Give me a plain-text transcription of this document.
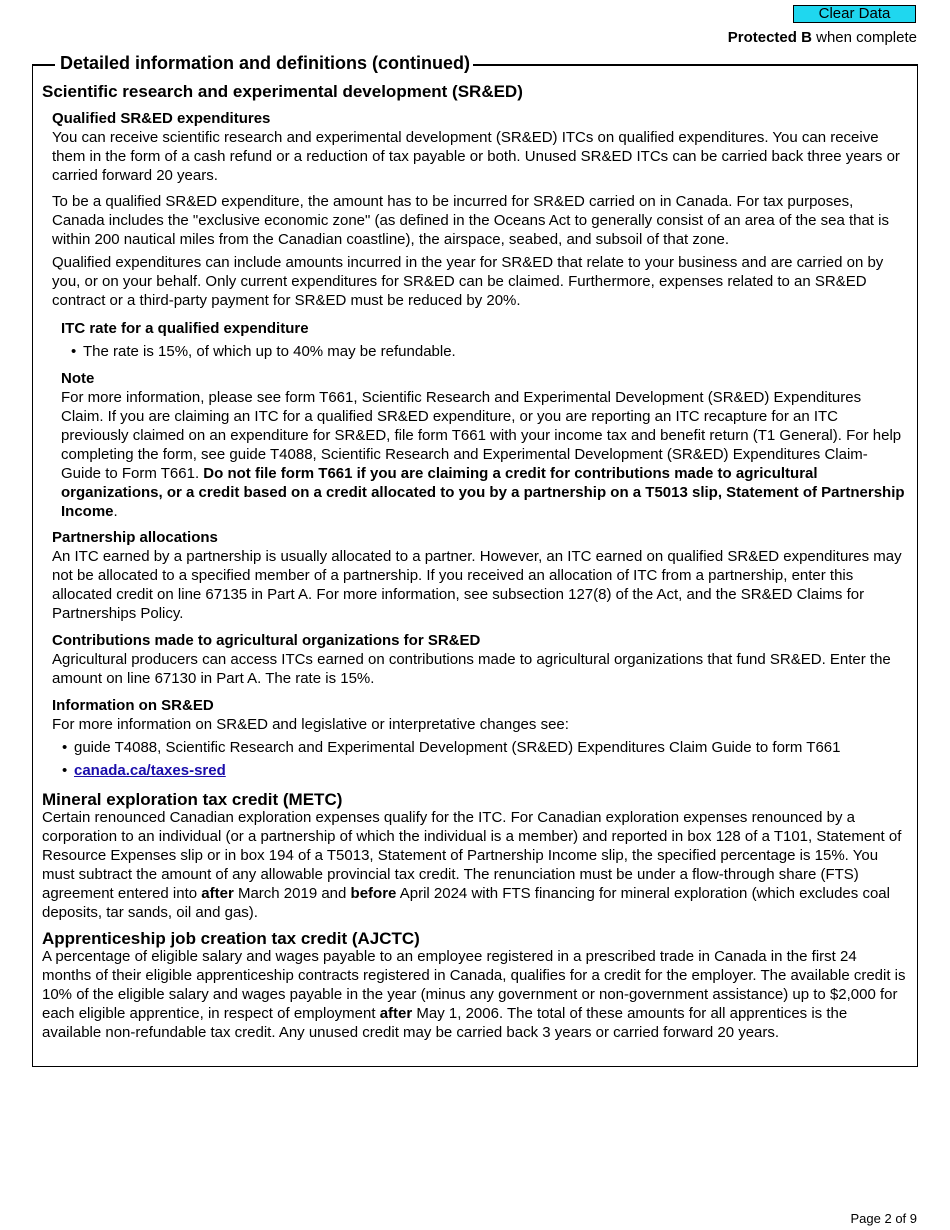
Clear Data
Protected B when complete
Detailed information and definitions (continued)
Scientific research and experimental development (SR&ED)
Qualified SR&ED expenditures

You can receive scientific research and experimental development (SR&ED) ITCs on qualified expenditures. You can receive them in the form of a cash refund or a reduction of tax payable or both. Unused SR&ED ITCs can be carried back three years or carried forward 20 years.

To be a qualified SR&ED expenditure, the amount has to be incurred for SR&ED carried on in Canada. For tax purposes, Canada includes the "exclusive economic zone" (as defined in the Oceans Act to generally consist of an area of the sea that is within 200 nautical miles from the Canadian coastline), the airspace, seabed, and subsoil of that zone.

Qualified expenditures can include amounts incurred in the year for SR&ED that relate to your business and are carried on by you, or on your behalf. Only current expenditures for SR&ED can be claimed. Furthermore, expenses related to an SR&ED contract or a third-party payment for SR&ED must be reduced by 20%.

ITC rate for a qualified expenditure
• The rate is 15%, of which up to 40% may be refundable.
Note

For more information, please see form T661, Scientific Research and Experimental Development (SR&ED) Expenditures Claim. If you are claiming an ITC for a qualified SR&ED expenditure, or you are reporting an ITC recapture for an ITC previously claimed on an expenditure for SR&ED, file form T661 with your income tax and benefit return (T1 General). For help completing the form, see guide T4088, Scientific Research and Experimental Development (SR&ED) Expenditures Claim-Guide to Form T661. Do not file form T661 if you are claiming a credit for contributions made to agricultural organizations, or a credit based on a credit allocated to you by a partnership on a T5013 slip, Statement of Partnership Income.

Partnership allocations

An ITC earned by a partnership is usually allocated to a partner. However, an ITC earned on qualified SR&ED expenditures may not be allocated to a specified member of a partnership. If you received an allocation of ITC from a partnership, enter this allocated credit on line 67135 in Part A. For more information, see subsection 127(8) of the Act, and the SR&ED Claims for Partnerships Policy.

Contributions made to agricultural organizations for SR&ED

Agricultural producers can access ITCs earned on contributions made to agricultural organizations that fund SR&ED. Enter the amount on line 67130 in Part A. The rate is 15%.

Information on SR&ED

For more information on SR&ED and legislative or interpretative changes see:

• guide T4088, Scientific Research and Experimental Development (SR&ED) Expenditures Claim Guide to form T661
• canada.ca/taxes-sred
Mineral exploration tax credit (METC)

Certain renounced Canadian exploration expenses qualify for the ITC. For Canadian exploration expenses renounced by a corporation to an individual (or a partnership of which the individual is a member) and reported in box 128 of a T101, Statement of Resource Expenses slip or in box 194 of a T5013, Statement of Partnership Income slip, the specified percentage is 15%. You must subtract the amount of any allowable provincial tax credit. The renunciation must be under a flow-through share (FTS) agreement entered into after March 2019 and before April 2024 with FTS financing for mineral exploration (which excludes coal deposits, tar sands, oil and gas).

Apprenticeship job creation tax credit (AJCTC)

A percentage of eligible salary and wages payable to an employee registered in a prescribed trade in Canada in the first 24 months of their eligible apprenticeship contracts registered in Canada, qualifies for a credit for the employer. The available credit is 10% of the eligible salary and wages payable in the year (minus any government or non-government assistance) up to $2,000 for each eligible apprentice, in respect of employment after May 1, 2006. The total of these amounts for all apprentices is the available non-refundable tax credit. Any unused credit may be carried back 3 years or carried forward 20 years.

Page 2 of 9
